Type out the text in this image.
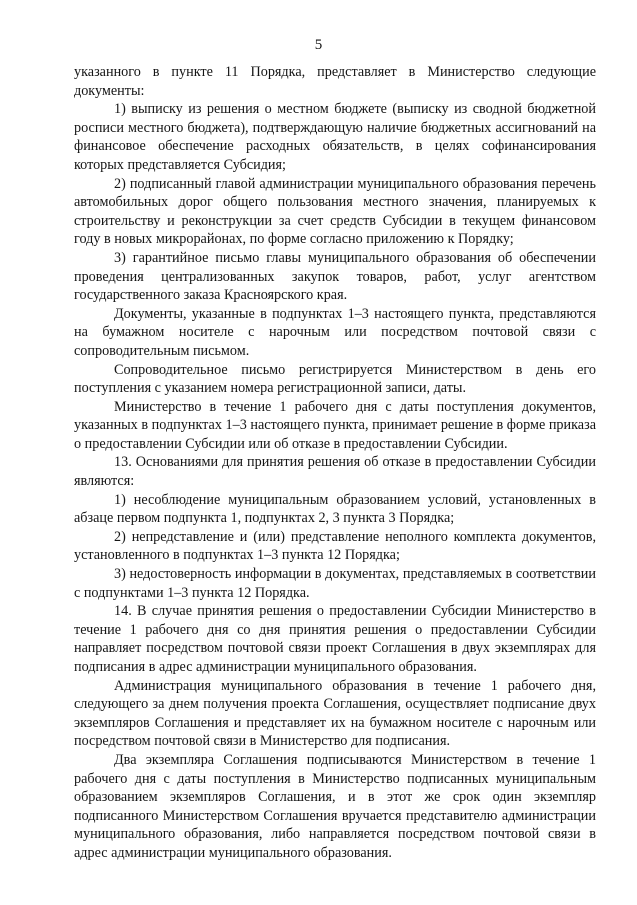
5

указанного в пункте 11 Порядка, представляет в Министерство следующие документы:

1) выписку из решения о местном бюджете (выписку из сводной бюджетной росписи местного бюджета), подтверждающую наличие бюджетных ассигнований на финансовое обеспечение расходных обязательств, в целях софинансирования которых представляется Субсидия;

2) подписанный главой администрации муниципального образования перечень автомобильных дорог общего пользования местного значения, планируемых к строительству и реконструкции за счет средств Субсидии в текущем финансовом году в новых микрорайонах, по форме согласно приложению к Порядку;

3) гарантийное письмо главы муниципального образования об обеспечении проведения централизованных закупок товаров, работ, услуг агентством государственного заказа Красноярского края.

Документы, указанные в подпунктах 1–3 настоящего пункта, представляются на бумажном носителе с нарочным или посредством почтовой связи с сопроводительным письмом.

Сопроводительное письмо регистрируется Министерством в день его поступления с указанием номера регистрационной записи, даты.

Министерство в течение 1 рабочего дня с даты поступления документов, указанных в подпунктах 1–3 настоящего пункта, принимает решение в форме приказа о предоставлении Субсидии или об отказе в предоставлении Субсидии.

13. Основаниями для принятия решения об отказе в предоставлении Субсидии являются:

1) несоблюдение муниципальным образованием условий, установленных в абзаце первом подпункта 1, подпунктах 2, 3 пункта 3 Порядка;

2) непредставление и (или) представление неполного комплекта документов, установленного в подпунктах 1–3 пункта 12 Порядка;

3) недостоверность информации в документах, представляемых в соответствии с подпунктами 1–3 пункта 12 Порядка.

14. В случае принятия решения о предоставлении Субсидии Министерство в течение 1 рабочего дня со дня принятия решения о предоставлении Субсидии направляет посредством почтовой связи проект Соглашения в двух экземплярах для подписания в адрес администрации муниципального образования.

Администрация муниципального образования в течение 1 рабочего дня, следующего за днем получения проекта Соглашения, осуществляет подписание двух экземпляров Соглашения и представляет их на бумажном носителе с нарочным или посредством почтовой связи в Министерство для подписания.

Два экземпляра Соглашения подписываются Министерством в течение 1 рабочего дня с даты поступления в Министерство подписанных муниципальным образованием экземпляров Соглашения, и в этот же срок один экземпляр подписанного Министерством Соглашения вручается представителю администрации муниципального образования, либо направляется посредством почтовой связи в адрес администрации муниципального образования.
